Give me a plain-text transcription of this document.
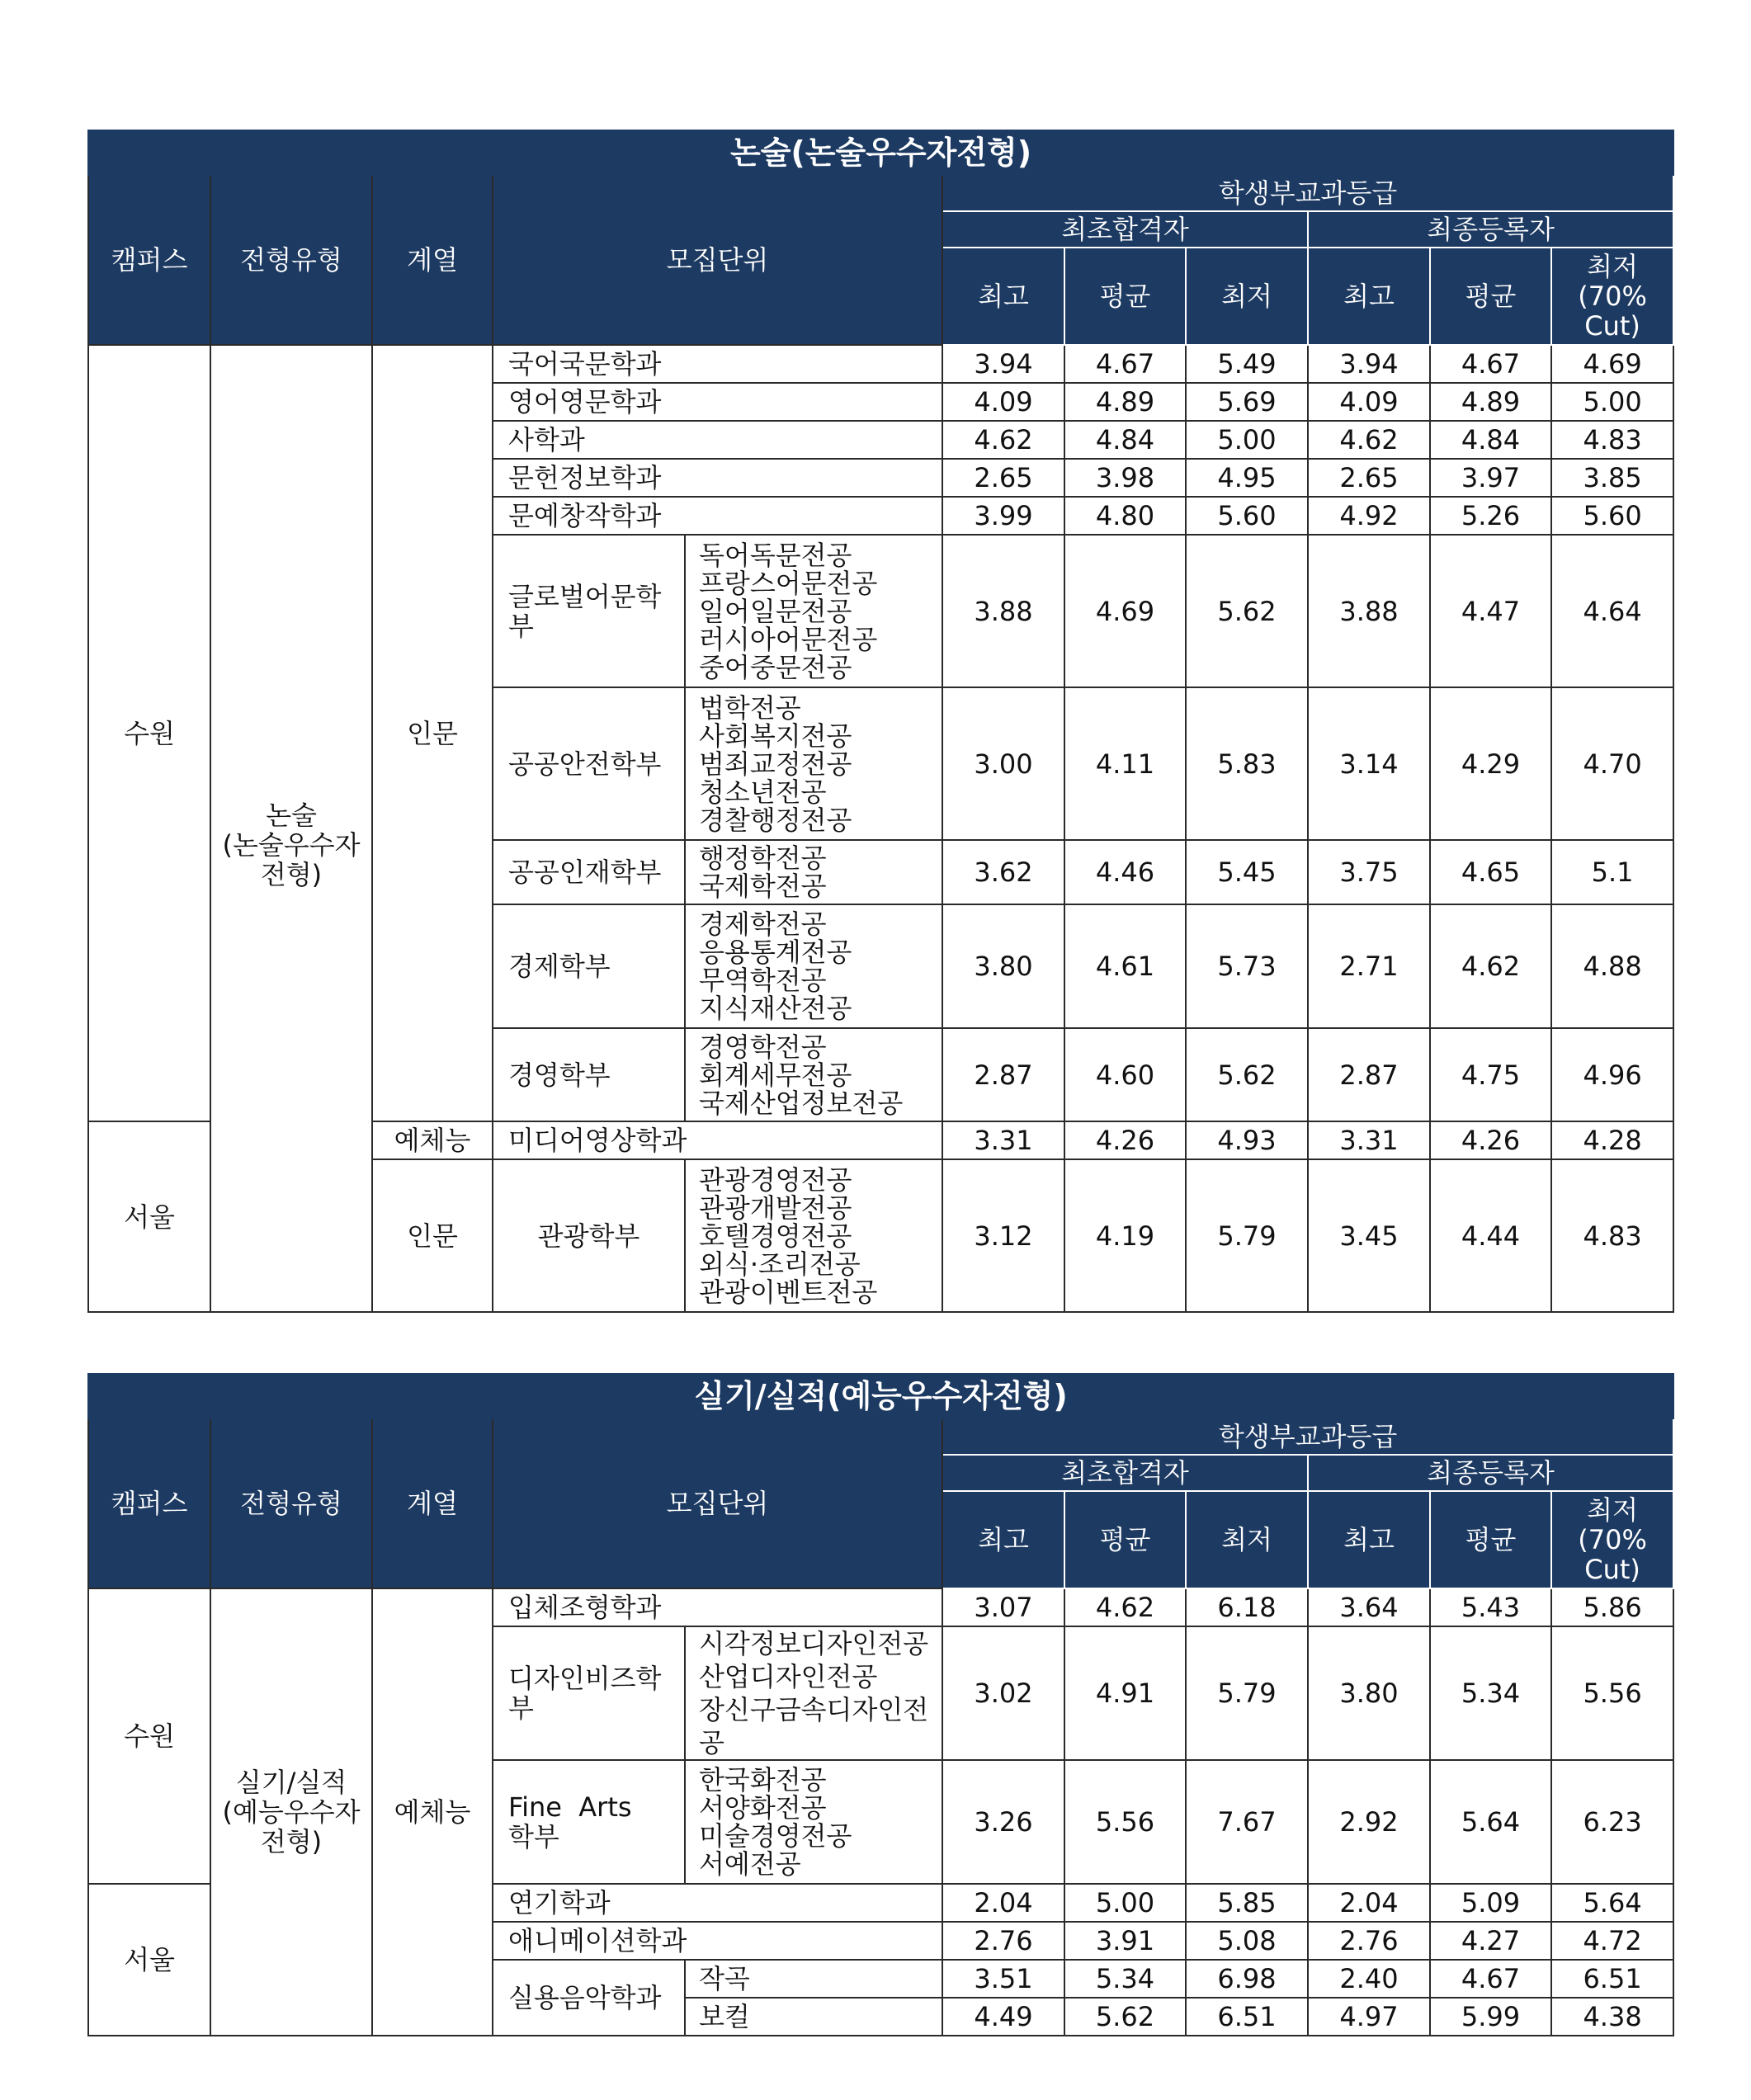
논술(논술우수자전형)										
캠퍼스	전형유형	계열	모집단위		학생부교과등급					
					최초합격자			최종등록자		
					최고	평균	최저	최고	평균	최저
(70%
Cut)

수원	논술
(논술우수자
전형)	인문	국어국문학과		3.94	4.67	5.49	3.94	4.67	4.69
			영어영문학과		4.09	4.89	5.69	4.09	4.89	5.00
			사학과		4.62	4.84	5.00	4.62	4.84	4.83
			문헌정보학과		2.65	3.98	4.95	2.65	3.97	3.85
			문예창작학과		3.99	4.80	5.60	4.92	5.26	5.60
			글로벌어문학부	독어독문전공
프랑스어문전공
일어일문전공
러시아어문전공
중어중문전공	3.88	4.69	5.62	3.88	4.47	4.64
			공공안전학부	법학전공
사회복지전공
범죄교정전공
청소년전공
경찰행정전공	3.00	4.11	5.83	3.14	4.29	4.70
			공공인재학부	행정학전공
국제학전공	3.62	4.46	5.45	3.75	4.65	5.1
			경제학부	경제학전공
응용통계전공
무역학전공
지식재산전공	3.80	4.61	5.73	2.71	4.62	4.88
			경영학부	경영학전공
회계세무전공
국제산업정보전공	2.87	4.60	5.62	2.87	4.75	4.96
서울		예체능	미디어영상학과		3.31	4.26	4.93	3.31	4.26	4.28
		인문	관광학부	관광경영전공
관광개발전공
호텔경영전공
외식·조리전공
관광이벤트전공	3.12	4.19	5.79	3.45	4.44	4.83
실기/실적(예능우수자전형)										
캠퍼스	전형유형	계열	모집단위		학생부교과등급					
					최초합격자			최종등록자		
					최고	평균	최저	최고	평균	최저
(70%
Cut)

수원	실기/실적
(예능우수자
전형)	예체능	입체조형학과		3.07	4.62	6.18	3.64	5.43	5.86
			디자인비즈학부	시각정보디자인전공
산업디자인전공
장신구금속디자인전공	3.02	4.91	5.79	3.80	5.34	5.56

			Fine  Arts
학부	한국화전공
서양화전공
미술경영전공
서예전공	3.26	5.56	7.67	2.92	5.64	6.23
서울			연기학과		2.04	5.00	5.85	2.04	5.09	5.64
			애니메이션학과		2.76	3.91	5.08	2.76	4.27	4.72
			실용음악학과	작곡	3.51	5.34	6.98	2.40	4.67	6.51
				보컬	4.49	5.62	6.51	4.97	5.99	4.38
